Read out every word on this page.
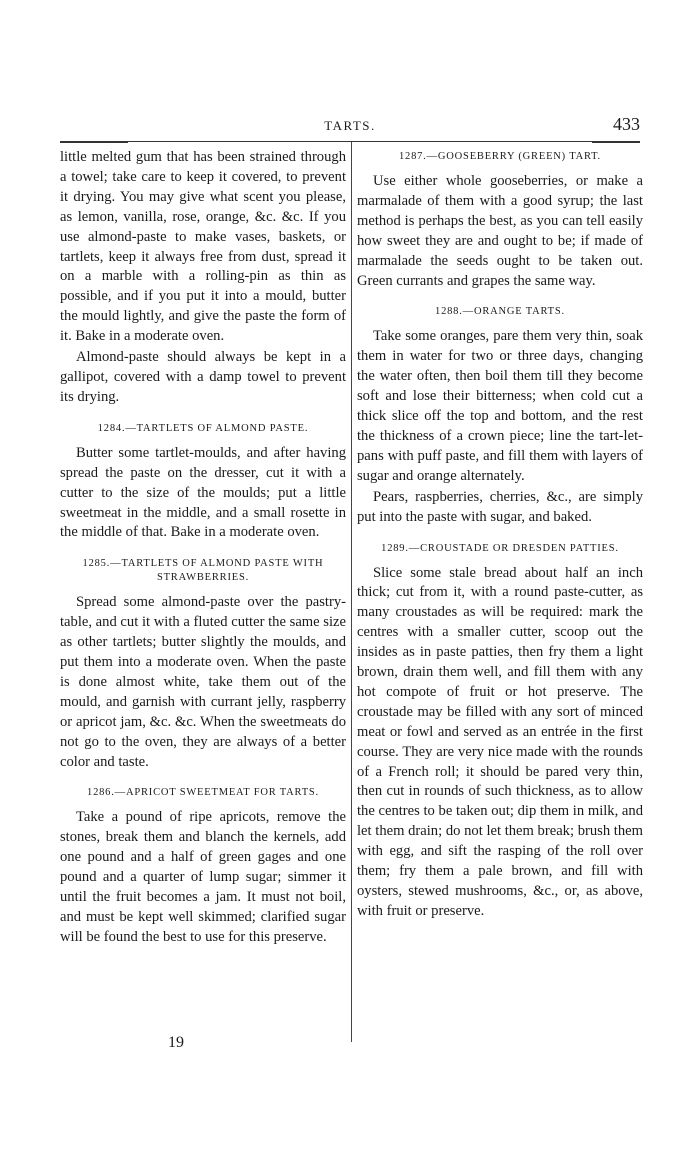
TARTS.	433

little melted gum that has been strained through a towel; take care to keep it covered, to prevent it drying. You may give what scent you please, as lemon, vanilla, rose, orange, &c. &c. If you use almond-paste to make vases, baskets, or tartlets, keep it always free from dust, spread it on a marble with a rolling-pin as thin as possible, and if you put it into a mould, butter the mould lightly, and give the paste the form of it. Bake in a moderate oven.

Almond-paste should always be kept in a gallipot, covered with a damp towel to prevent its drying.

1284.—TARTLETS OF ALMOND PASTE.

Butter some tartlet-moulds, and after having spread the paste on the dresser, cut it with a cutter to the size of the moulds; put a little sweetmeat in the middle, and a small rosette in the middle of that. Bake in a moderate oven.

1285.—TARTLETS OF ALMOND PASTE WITH STRAWBERRIES.

Spread some almond-paste over the pastry-table, and cut it with a fluted cutter the same size as other tartlets; butter slightly the moulds, and put them into a moderate oven. When the paste is done almost white, take them out of the mould, and garnish with currant jelly, raspberry or apricot jam, &c. &c. When the sweetmeats do not go to the oven, they are always of a better color and taste.

1286.—APRICOT SWEETMEAT FOR TARTS.

Take a pound of ripe apricots, remove the stones, break them and blanch the kernels, add one pound and a half of green gages and one pound and a quarter of lump sugar; simmer it until the fruit becomes a jam. It must not boil, and must be kept well skimmed; clarified sugar will be found the best to use for this preserve.

1287.—GOOSEBERRY (GREEN) TART.

Use either whole gooseberries, or make a marmalade of them with a good syrup; the last method is perhaps the best, as you can tell easily how sweet they are and ought to be; if made of marmalade the seeds ought to be taken out. Green currants and grapes the same way.

1288.—ORANGE TARTS.

Take some oranges, pare them very thin, soak them in water for two or three days, changing the water often, then boil them till they become soft and lose their bitterness; when cold cut a thick slice off the top and bottom, and the rest the thickness of a crown piece; line the tart-let-pans with puff paste, and fill them with layers of sugar and orange alternately.

Pears, raspberries, cherries, &c., are simply put into the paste with sugar, and baked.

1289.—CROUSTADE OR DRESDEN PATTIES.

Slice some stale bread about half an inch thick; cut from it, with a round paste-cutter, as many croustades as will be required: mark the centres with a smaller cutter, scoop out the insides as in paste patties, then fry them a light brown, drain them well, and fill them with any hot compote of fruit or hot preserve. The croustade may be filled with any sort of minced meat or fowl and served as an entrée in the first course. They are very nice made with the rounds of a French roll; it should be pared very thin, then cut in rounds of such thickness, as to allow the centres to be taken out; dip them in milk, and let them drain; do not let them break; brush them with egg, and sift the rasping of the roll over them; fry them a pale brown, and fill with oysters, stewed mushrooms, &c., or, as above, with fruit or preserve.

19
